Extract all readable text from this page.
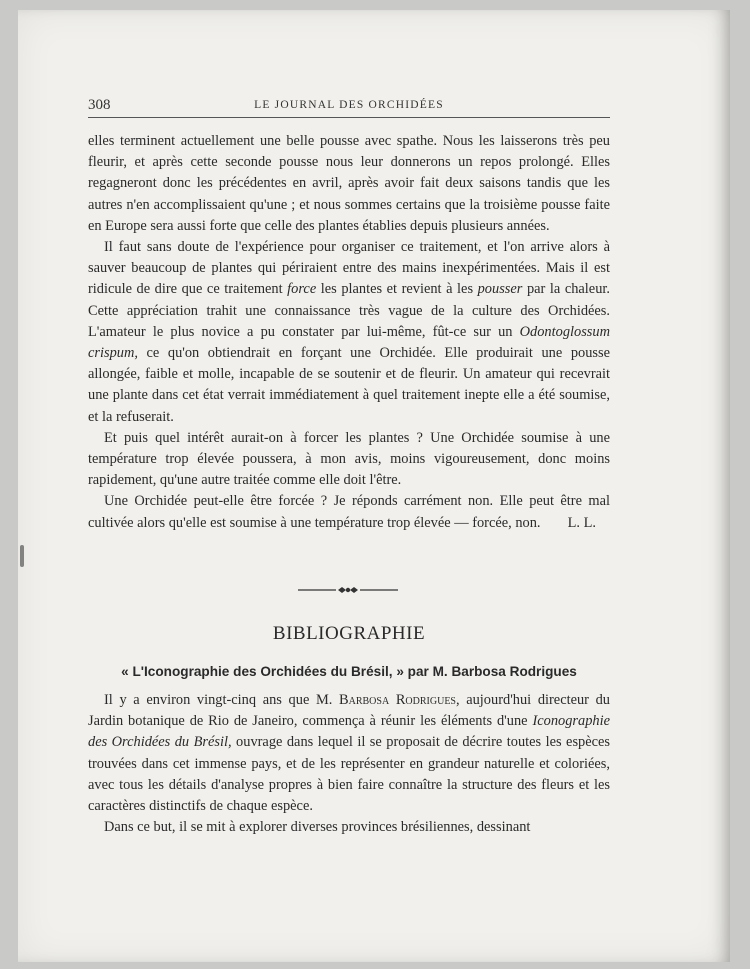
308	LE JOURNAL DES ORCHIDÉES

elles terminent actuellement une belle pousse avec spathe. Nous les laisserons très peu fleurir, et après cette seconde pousse nous leur donnerons un repos prolongé. Elles regagneront donc les précédentes en avril, après avoir fait deux saisons tandis que les autres n'en accomplissaient qu'une ; et nous sommes certains que la troisième pousse faite en Europe sera aussi forte que celle des plantes établies depuis plusieurs années.

Il faut sans doute de l'expérience pour organiser ce traitement, et l'on arrive alors à sauver beaucoup de plantes qui périraient entre des mains inexpérimentées. Mais il est ridicule de dire que ce traitement force les plantes et revient à les pousser par la chaleur. Cette appréciation trahit une connaissance très vague de la culture des Orchidées. L'amateur le plus novice a pu constater par lui-même, fût-ce sur un Odontoglossum crispum, ce qu'on obtiendrait en forçant une Orchidée. Elle produirait une pousse allongée, faible et molle, incapable de se soutenir et de fleurir. Un amateur qui recevrait une plante dans cet état verrait immédiatement à quel traitement inepte elle a été soumise, et la refuserait.

Et puis quel intérêt aurait-on à forcer les plantes ? Une Orchidée soumise à une température trop élevée poussera, à mon avis, moins vigoureusement, donc moins rapidement, qu'une autre traitée comme elle doit l'être.

Une Orchidée peut-elle être forcée ? Je réponds carrément non. Elle peut être mal cultivée alors qu'elle est soumise à une température trop élevée — forcée, non.	L. L.
BIBLIOGRAPHIE
« L'Iconographie des Orchidées du Brésil, » par M. Barbosa Rodrigues

Il y a environ vingt-cinq ans que M. Barbosa Rodrigues, aujourd'hui directeur du Jardin botanique de Rio de Janeiro, commença à réunir les éléments d'une Iconographie des Orchidées du Brésil, ouvrage dans lequel il se proposait de décrire toutes les espèces trouvées dans cet immense pays, et de les représenter en grandeur naturelle et coloriées, avec tous les détails d'analyse propres à bien faire connaître la structure des fleurs et les caractères distinctifs de chaque espèce.

Dans ce but, il se mit à explorer diverses provinces brésiliennes, dessinant
